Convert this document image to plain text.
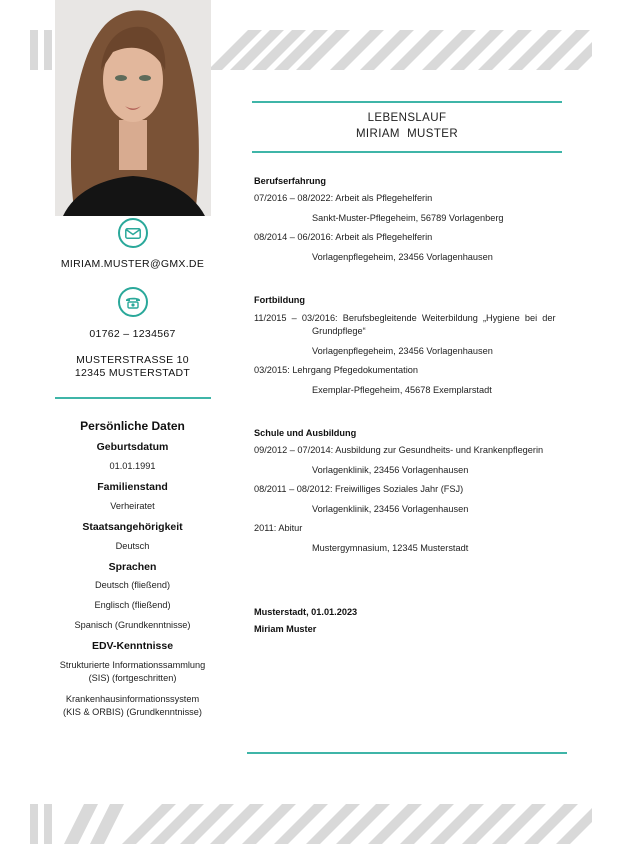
MIRIAM.MUSTER@GMX.DE
01762 – 1234567
MUSTERSTRASSE 10
12345 MUSTERSTADT
Persönliche Daten
Geburtsdatum
01.01.1991
Familienstand
Verheiratet
Staatsangehörigkeit
Deutsch
Sprachen
Deutsch (fließend)
Englisch (fließend)
Spanisch (Grundkenntnisse)
EDV-Kenntnisse
Strukturierte Informationssammlung
(SIS) (fortgeschritten)
Krankenhausinformationssystem
(KIS & ORBIS) (Grundkenntnisse)
LEBENSLAUF
MIRIAM  MUSTER
Berufserfahrung
07/2016 – 08/2022: Arbeit als Pflegehelferin
Sankt-Muster-Pflegeheim, 56789 Vorlagenberg
08/2014 – 06/2016: Arbeit als Pflegehelferin
Vorlagenpflegeheim, 23456 Vorlagenhausen
Fortbildung
11/2015  –  03/2016:  Berufsbegleitende  Weiterbildung  „Hygiene  bei  der
Grundpflege“
Vorlagenpflegeheim, 23456 Vorlagenhausen
03/2015: Lehrgang Pfegedokumentation
Exemplar-Pflegeheim, 45678 Exemplarstadt
Schule und Ausbildung
09/2012 – 07/2014: Ausbildung zur Gesundheits- und Krankenpflegerin
Vorlagenklinik, 23456 Vorlagenhausen
08/2011 – 08/2012: Freiwilliges Soziales Jahr (FSJ)
Vorlagenklinik, 23456 Vorlagenhausen
2011: Abitur
Mustergymnasium, 12345 Musterstadt
Musterstadt, 01.01.2023
Miriam Muster
